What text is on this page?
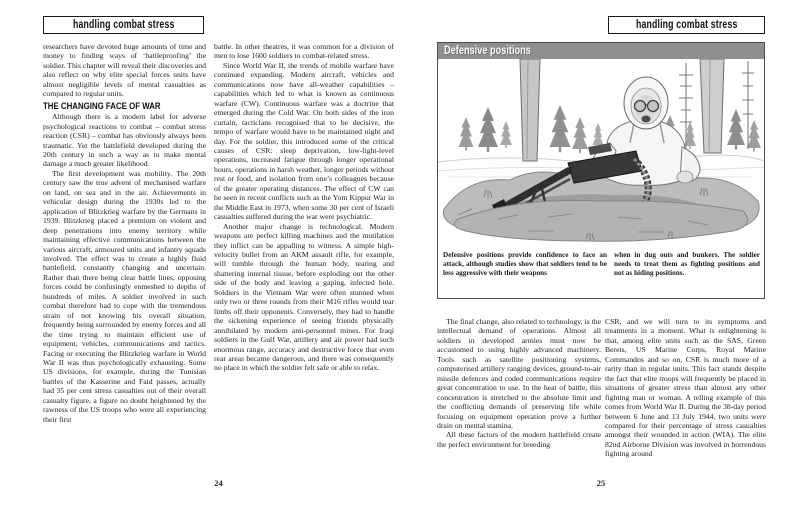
handling combat stress

researchers have devoted huge amounts of time and money to finding ways of ‘battleproofing’ the soldier. This chapter will reveal their discoveries and also reflect on why elite special forces units have almost negligible levels of mental casualties as compared to regular units.

THE CHANGING FACE OF WAR

Although there is a modern label for adverse psychological reactions to combat – combat stress reaction (CSR) – combat has obviously always been traumatic. Yet the battlefield developed during the 20th century in such a way as to make mental damage a much greater likelihood.

The first development was mobility. The 20th century saw the true advent of mechanised warfare on land, on sea and in the air. Achievements in vehicular design during the 1930s led to the application of Blitzkrieg warfare by the Germans in 1939. Blitzkrieg placed a premium on violent and deep penetrations into enemy territory while maintaining effective communications between the various aircraft, armoured units and infantry squads involved. The effect was to create a highly fluid battlefield, constantly changing and uncertain. Rather than there being clear battle lines, opposing forces could be confusingly enmeshed to depths of hundreds of miles. A soldier involved in such combat therefore had to cope with the tremendous strain of not knowing his overall situation, frequently being surrounded by enemy forces and all the time trying to maintain efficient use of equipment, vehicles, communications and tactics. Facing or executing the Blitzkrieg warfare in World War II was thus psychologically exhausting. Some US divisions, for example, during the Tunisian battles of the Kasserine and Faid passes, actually had 35 per cent stress casualties out of their overall casualty figure, a figure no doubt heightened by the rawness of the US troops who were all experiencing their first

battle. In other theatres, it was common for a division of men to lose 1600 soldiers to combat-related stress.

Since World War II, the trends of mobile warfare have continued expanding. Modern aircraft, vehicles and communications now have all-weather capabilities – capabilities which led to what is known as continuous warfare (CW). Continuous warfare was a doctrine that emerged during the Cold War. On both sides of the iron curtain, tacticians recognised that to be decisive, the tempo of warfare would have to be maintained night and day. For the soldier, this introduced some of the critical causes of CSR: sleep deprivation, low-light-level operations, increased fatigue through longer operational hours, operations in harsh weather, longer periods without rest or food, and isolation from one’s colleagues because of the greater operating distances. The effect of CW can be seen in recent conflicts such as the Yom Kippur War in the Middle East in 1973, when some 30 per cent of Israeli casualties suffered during the war were psychiatric.

Another major change is technological. Modern weapons are perfect killing machines and the mutilation they inflict can be appalling to witness. A simple high-velocity bullet from an AKM assault rifle, for example, will tumble through the human body, tearing and shattering internal tissue, before exploding out the other side of the body and leaving a gaping, infected hole. Soldiers in the Vietnam War were often stunned when only two or three rounds from their M16 rifles would tear limbs off their opponents. Conversely, they had to handle the sickening experience of seeing friends physically annihilated by modern anti-personnel mines. For Iraqi soldiers in the Gulf War, artillery and air power had such enormous range, accuracy and destructive force that even rear areas became dangerous, and there was consequently no place in which the soldier felt safe or able to relax.

24
handling combat stress
Defensive positions
Defensive positions provide confidence to face an attack, although studies show that soldiers tend to be less aggressive with their weapons
when in dug outs and bunkers. The soldier needs to treat them as fighting positions and not as hiding positions.

The final change, also related to technology, is the intellectual demand of operations. Almost all soldiers in developed armies must now be accustomed to using highly advanced machinery. Tools such as satellite positioning systems, computerised artillery ranging devices, ground-to-air missile defences and coded communications require great concentration to use. In the heat of battle, this concentration is stretched to the absolute limit and the conflicting demands of preserving life while focusing on equipment operation prove a further drain on mental stamina.

All these factors of the modern battlefield create the perfect environment for breeding

CSR, and we will turn to its symptoms and treatments in a moment. What is enlightening is that, among elite units such as the SAS, Green Berets, US Marine Corps, Royal Marine Commandos and so on, CSR is much more of a rarity than in regular units. This fact stands despite the fact that elite troops will frequently be placed in situations of greater stress than almost any other fighting man or woman. A telling example of this comes from World War II. During the 38-day period between 6 June and 13 July 1944, two units were compared for their percentage of stress casualties amongst their wounded in action (WIA). The elite 82nd Airborne Division was involved in horrendous fighting around

25
